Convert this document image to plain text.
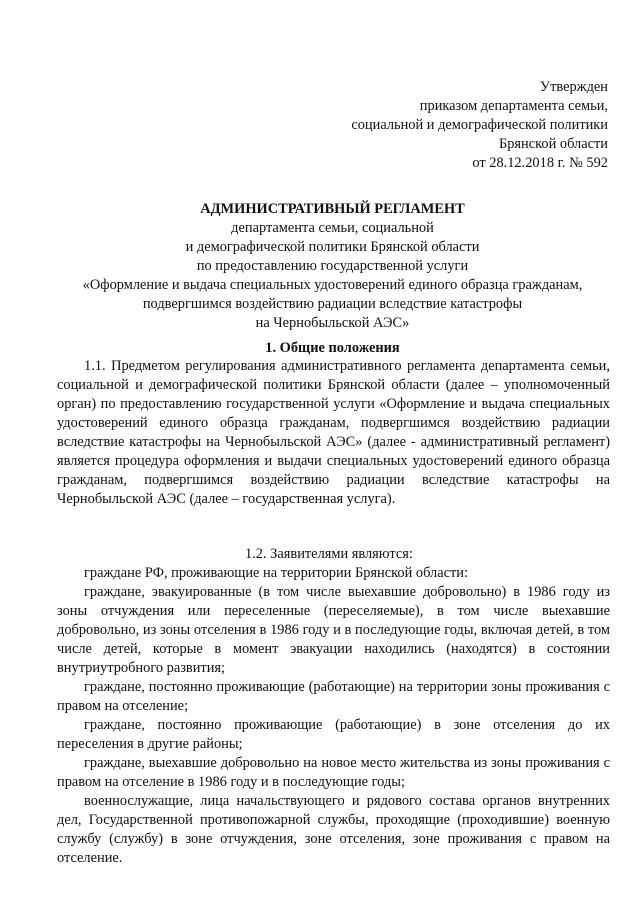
Утвержден
приказом департамента семьи,
социальной и демографической политики
Брянской области
от 28.12.2018 г. № 592
АДМИНИСТРАТИВНЫЙ РЕГЛАМЕНТ
департамента семьи, социальной
и демографической политики Брянской области
по предоставлению государственной услуги
«Оформление и выдача специальных удостоверений единого образца гражданам,
подвергшимся воздействию радиации вследствие катастрофы
на Чернобыльской АЭС»
1. Общие положения
1.1. Предметом регулирования административного регламента департамента семьи, социальной и демографической политики Брянской области (далее – уполномоченный орган) по предоставлению государственной услуги «Оформление и выдача специальных удостоверений единого образца гражданам, подвергшимся воздействию радиации вследствие катастрофы на Чернобыльской АЭС» (далее - административный регламент) является процедура оформления и выдачи специальных удостоверений единого образца гражданам, подвергшимся воздействию радиации вследствие катастрофы на Чернобыльской АЭС (далее – государственная услуга).
1.2. Заявителями являются:

граждане РФ, проживающие на территории Брянской области:

граждане, эвакуированные (в том числе выехавшие добровольно) в 1986 году из зоны отчуждения или переселенные (переселяемые), в том числе выехавшие добровольно, из зоны отселения в 1986 году и в последующие годы, включая детей, в том числе детей, которые в момент эвакуации находились (находятся) в состоянии внутриутробного развития;

граждане, постоянно проживающие (работающие) на территории зоны проживания с правом на отселение;

граждане, постоянно проживающие (работающие) в зоне отселения до их переселения в другие районы;

граждане, выехавшие добровольно на новое место жительства из зоны проживания с правом на отселение в 1986 году и в последующие годы;

военнослужащие, лица начальствующего и рядового состава органов внутренних дел, Государственной противопожарной службы, проходящие (проходившие) военную службу (службу) в зоне отчуждения, зоне отселения, зоне проживания с правом на отселение.
